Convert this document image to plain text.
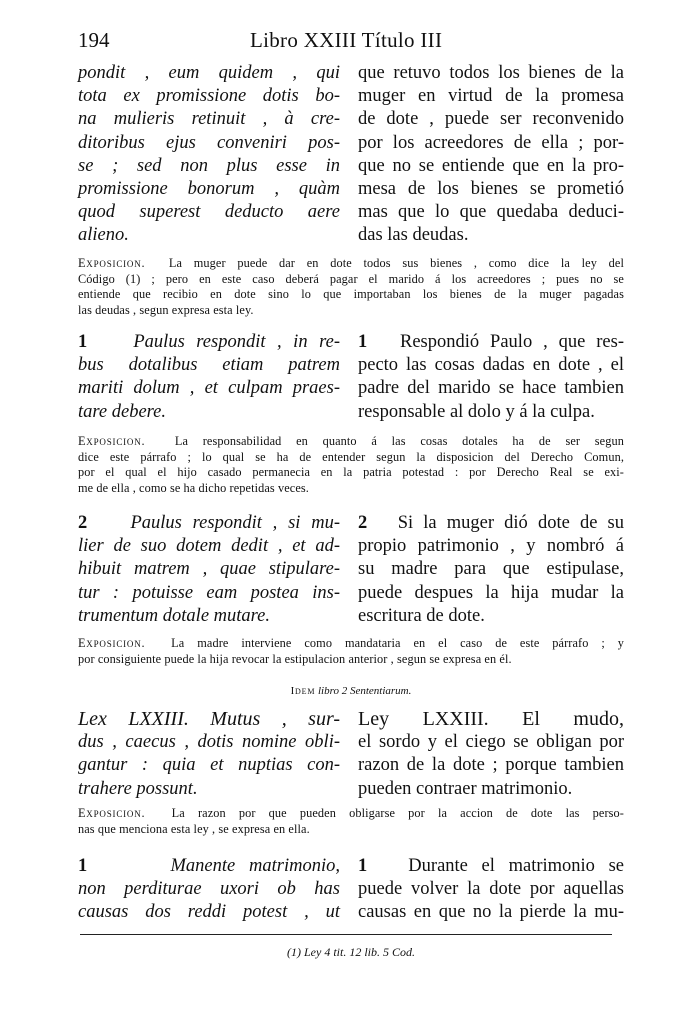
194	Libro XXIII Título III
pondit , eum quidem , qui
tota ex promissione dotis bo-
na mulieris retinuit , à cre-
ditoribus ejus conveniri pos-
se ; sed non plus esse in
promissione bonorum , quàm
quod superest deducto aere
alieno.
que retuvo todos los bienes de la
muger en virtud de la promesa
de dote , puede ser reconvenido
por los acreedores de ella ; por-
que no se entiende que en la pro-
mesa de los bienes se prometió
mas que lo que quedaba deduci-
das las deudas.
Exposicion. La muger puede dar en dote todos sus bienes , como dice la ley del
Código (1) ; pero en este caso deberá pagar el marido á los acreedores ; pues no se
entiende que recibio en dote sino lo que importaban los bienes de la muger pagadas
las deudas , segun expresa esta ley.
1 Paulus respondit , in re-
bus dotalibus etiam patrem
mariti dolum , et culpam praes-
tare debere.
1 Respondió Paulo , que res-
pecto las cosas dadas en dote , el
padre del marido se hace tambien
responsable al dolo y á la culpa.
Exposicion. La responsabilidad en quanto á las cosas dotales ha de ser segun
dice este párrafo ; lo qual se ha de entender segun la disposicion del Derecho Comun,
por el qual el hijo casado permanecia en la patria potestad : por Derecho Real se exi-
me de ella , como se ha dicho repetidas veces.
2 Paulus respondit , si mu-
lier de suo dotem dedit , et ad-
hibuit matrem , quae stipulare-
tur : potuisse eam postea ins-
trumentum dotale mutare.
2 Si la muger dió dote de su
propio patrimonio , y nombró á
su madre para que estipulase,
puede despues la hija mudar la
escritura de dote.
Exposicion. La madre interviene como mandataria en el caso de este párrafo ; y
por consiguiente puede la hija revocar la estipulacion anterior , segun se expresa en él.
Idem libro 2 Sententiarum.
Lex LXXIII. Mutus , sur-
dus , caecus , dotis nomine obli-
gantur : quia et nuptias con-
trahere possunt.
Ley LXXIII. El mudo,
el sordo y el ciego se obligan por
razon de la dote ; porque tambien
pueden contraer matrimonio.
Exposicion. La razon por que pueden obligarse por la accion de dote las perso-
nas que menciona esta ley , se expresa en ella.
1	Manente matrimonio,
non perditurae uxori ob has
causas dos reddi potest , ut
1 Durante el matrimonio se
puede volver la dote por aquellas
causas en que no la pierde la mu-
(1) Ley 4 tit. 12 lib. 5 Cod.
